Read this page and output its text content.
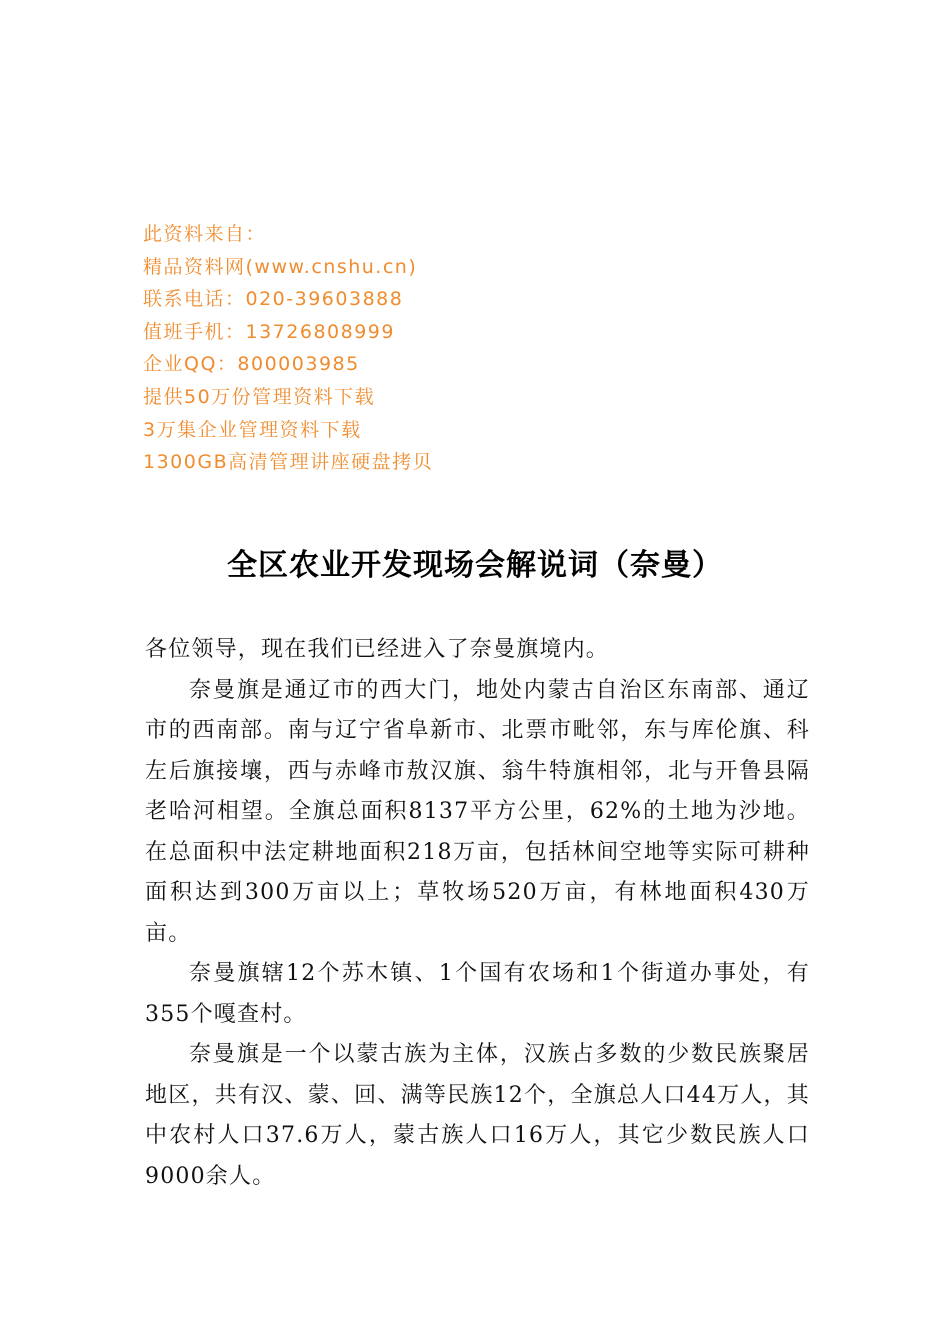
此资料来自：
精品资料网(www.cnshu.cn)
联系电话：020-39603888
值班手机：13726808999
企业QQ：800003985
提供50万份管理资料下载
3万集企业管理资料下载
1300GB高清管理讲座硬盘拷贝
全区农业开发现场会解说词（奈曼）

各位领导，现在我们已经进入了奈曼旗境内。

奈曼旗是通辽市的西大门，地处内蒙古自治区东南部、通辽市的西南部。南与辽宁省阜新市、北票市毗邻，东与库伦旗、科左后旗接壤，西与赤峰市敖汉旗、翁牛特旗相邻，北与开鲁县隔老哈河相望。全旗总面积8137平方公里，62%的土地为沙地。在总面积中法定耕地面积218万亩，包括林间空地等实际可耕种面积达到300万亩以上；草牧场520万亩，有林地面积430万亩。

奈曼旗辖12个苏木镇、1个国有农场和1个街道办事处，有355个嘎查村。

奈曼旗是一个以蒙古族为主体，汉族占多数的少数民族聚居地区，共有汉、蒙、回、满等民族12个，全旗总人口44万人，其中农村人口37.6万人，蒙古族人口16万人，其它少数民族人口9000余人。
